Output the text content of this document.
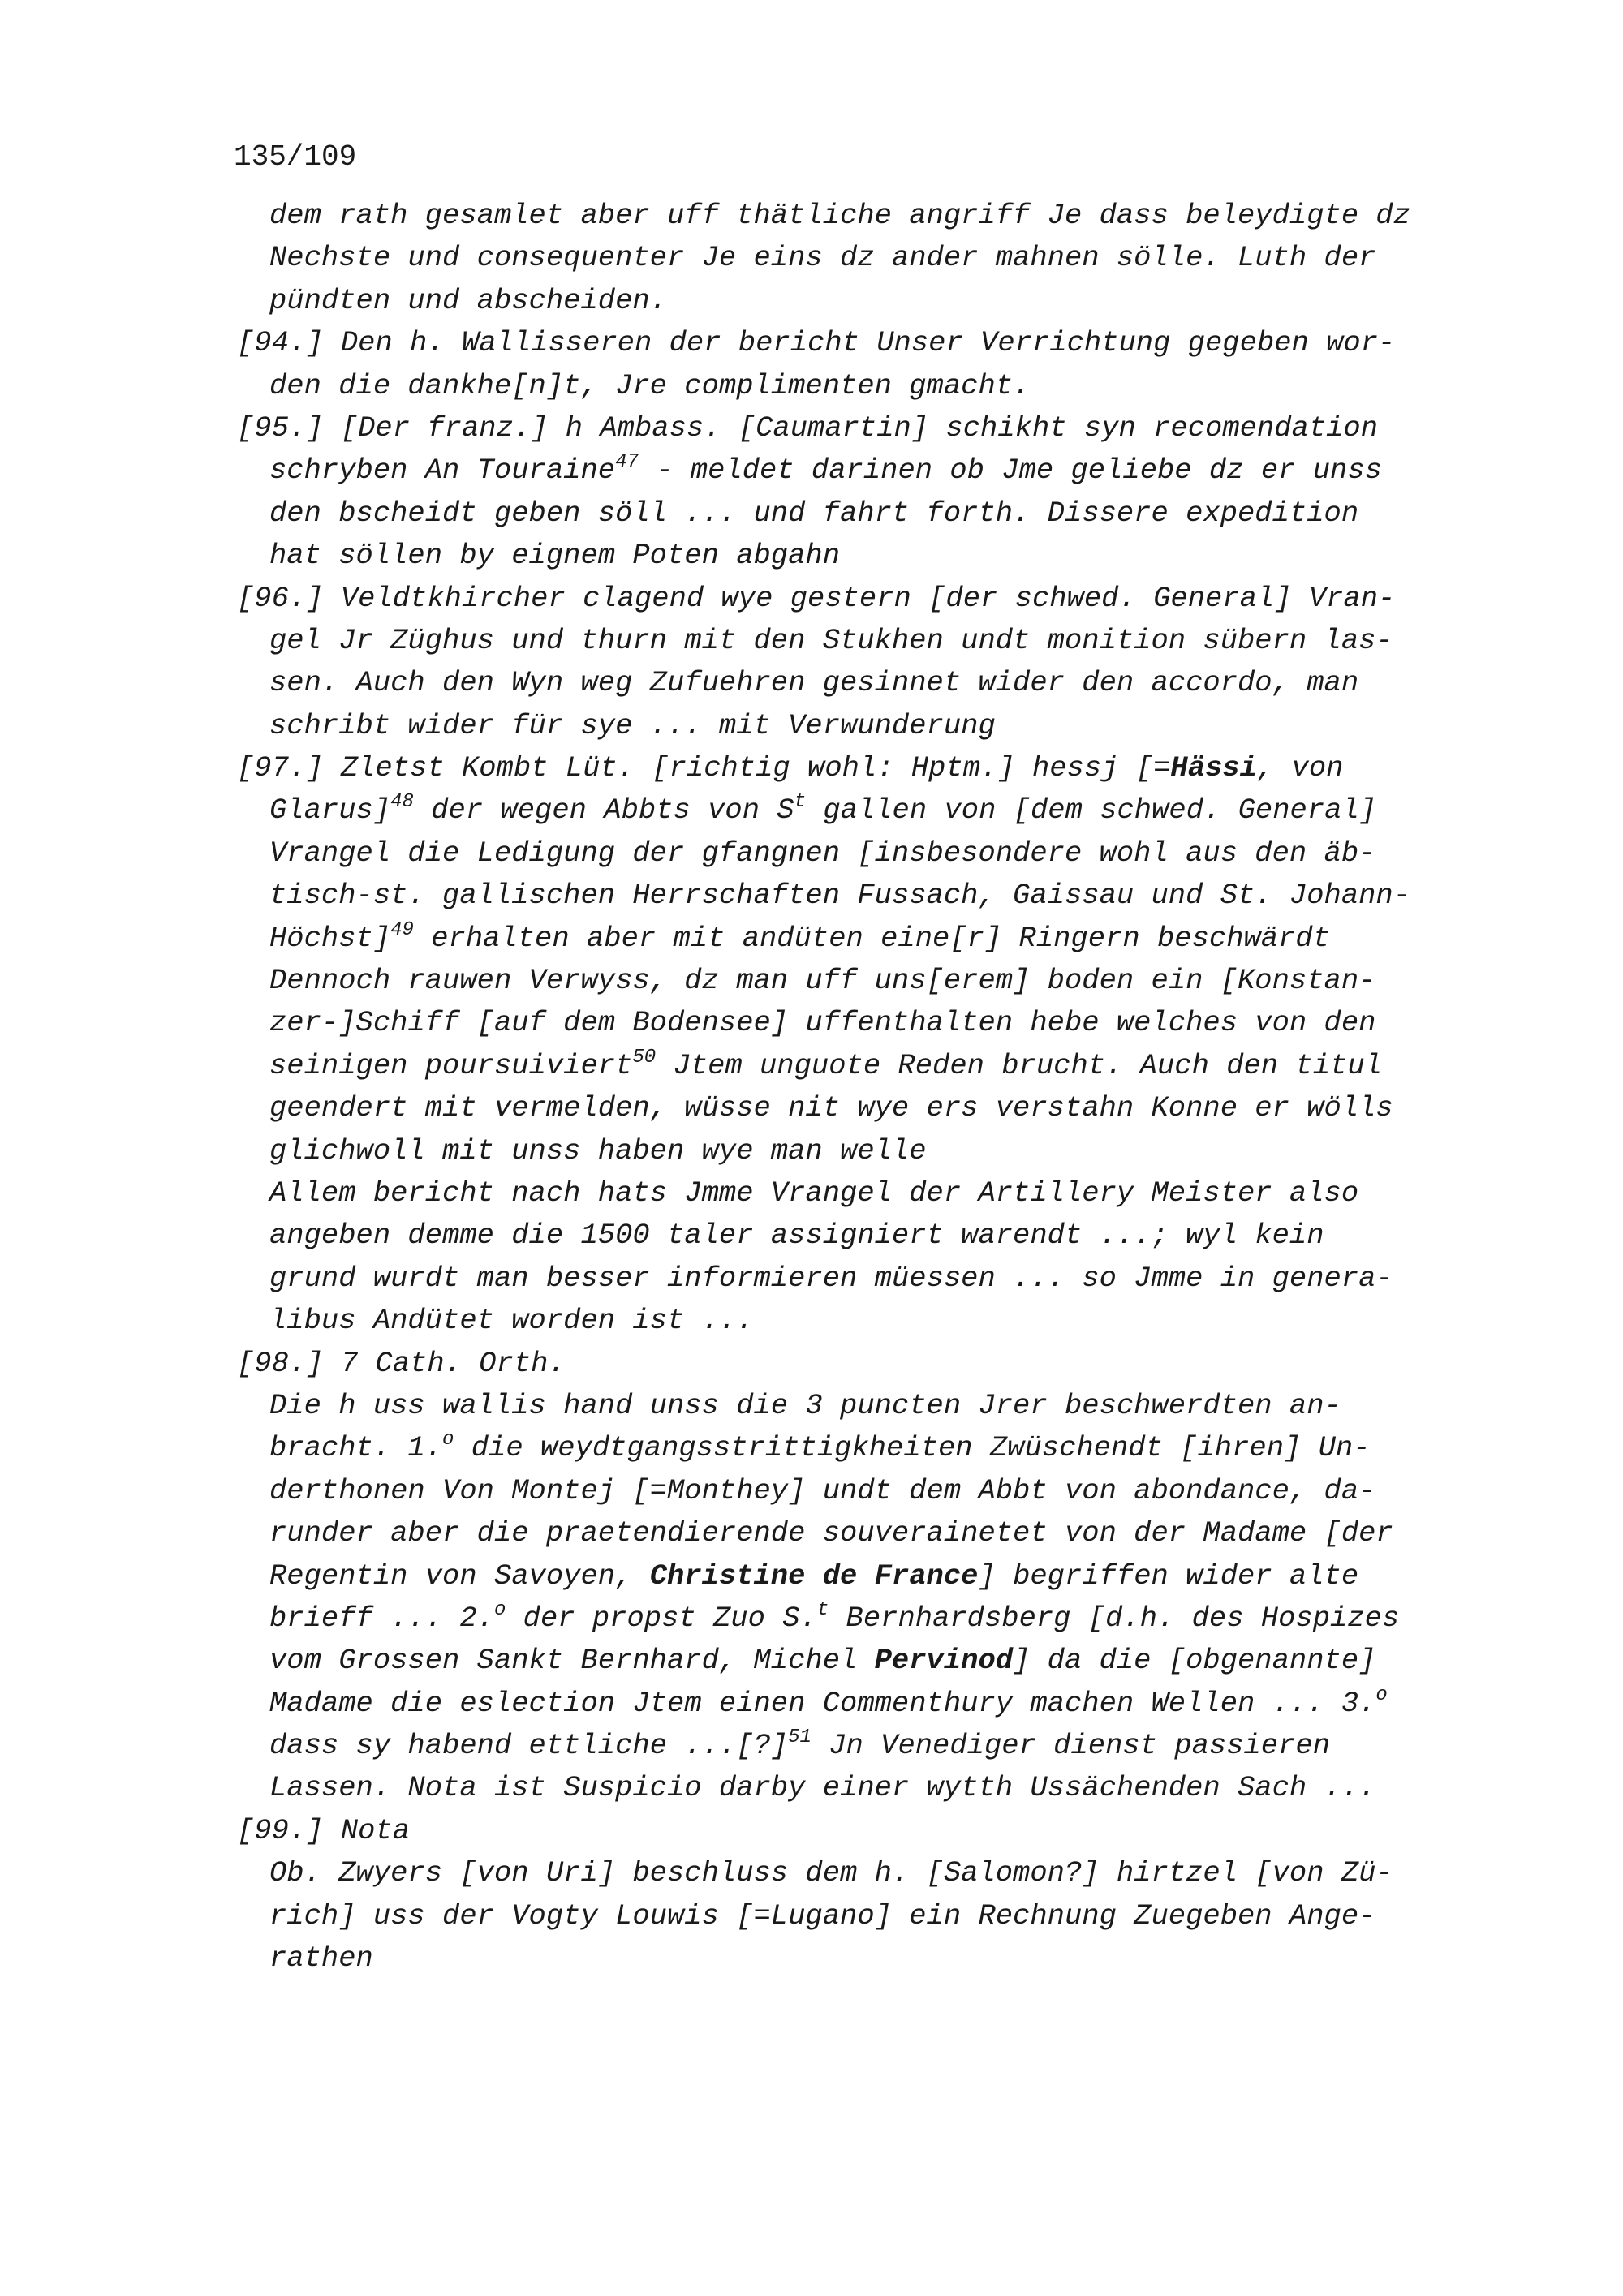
135/109

dem rath gesamlet aber uff thätliche angriff Je dass beleydigte dz
Nechste und consequenter Je eins dz ander mahnen sölle. Luth der
pündten und abscheiden.
[94.] Den h. Wallisseren der bericht Unser Verrichtung gegeben wor-
den die dankhe[n]t, Jre complimenten gmacht.
[95.] [Der franz.] h Ambass. [Caumartin] schikht syn recomendation
schryben An Touraine$^{47}$ - meldet darinen ob Jme geliebe dz er unss
den bscheidt geben söll ... und fahrt forth. Dissere expedition
hat söllen by eignem Poten abgahn
[96.] Veldtkhircher clagend wye gestern [der schwed. General] Vran-
gel Jr Züghus und thurn mit den Stukhen undt monition sübern las-
sen. Auch den Wyn weg Zufuehren gesinnet wider den accordo, man
schribt wider für sye ... mit Verwunderung
[97.] Zletst Kombt Lüt. [richtig wohl: Hptm.] hessj [=Hässi, von
Glarus]$^{48}$ der wegen Abbts von $S^t$ gallen von [dem schwed. General]
Vrangel die Ledigung der gfangnen [insbesondere wohl aus den äb-
tisch-st. gallischen Herrschaften Fussach, Gaissau und St. Johann-
Höchst]$^{49}$ erhalten aber mit andüten eine[r] Ringern beschwärdt
Dennoch rauwen Verwyss, dz man uff uns[erem] boden ein [Konstan-
zer-]Schiff [auf dem Bodensee] uffenthalten hebe welches von den
seinigen poursuiviert$^{50}$ Jtem unguote Reden brucht. Auch den titul
geendert mit vermelden, wüsse nit wye ers verstahn Konne er wölls
glichwoll mit unss haben wye man welle
Allem bericht nach hats Jmme Vrangel der Artillery Meister also
angeben demme die 1500 taler assigniert warendt ...; wyl kein
grund wurdt man besser informieren müessen ... so Jmme in genera-
libus Andütet worden ist ...
[98.] 7 Cath. Orth.
Die h uss wallis hand unss die 3 puncten Jrer beschwerdten an-
bracht. 1.$^o$ die weydtgangsstrittigkheiten Zwüschendt [ihren] Un-
derthonen Von Montej [=Monthey] undt dem Abbt von abondance, da-
runder aber die praetendierende souverainetet von der Madame [der
Regentin von Savoyen, Christine de France] begriffen wider alte
brieff ... 2.$^o$ der propst Zuo S.$^t$ Bernhardsberg [d.h. des Hospizes
vom Grossen Sankt Bernhard, Michel Pervinod] da die [obgenannte]
Madame die eslection Jtem einen Commenthury machen Wellen ... 3.$^o$
dass sy habend ettliche ...[?]$^{51}$ Jn Venediger dienst passieren
Lassen. Nota ist Suspicio darby einer wytth Ussächenden Sach ...
[99.] Nota
Ob. Zwyers [von Uri] beschluss dem h. [Salomon?] hirtzel [von Zü-
rich] uss der Vogty Louwis [=Lugano] ein Rechnung Zuegeben Ange-
rathen
